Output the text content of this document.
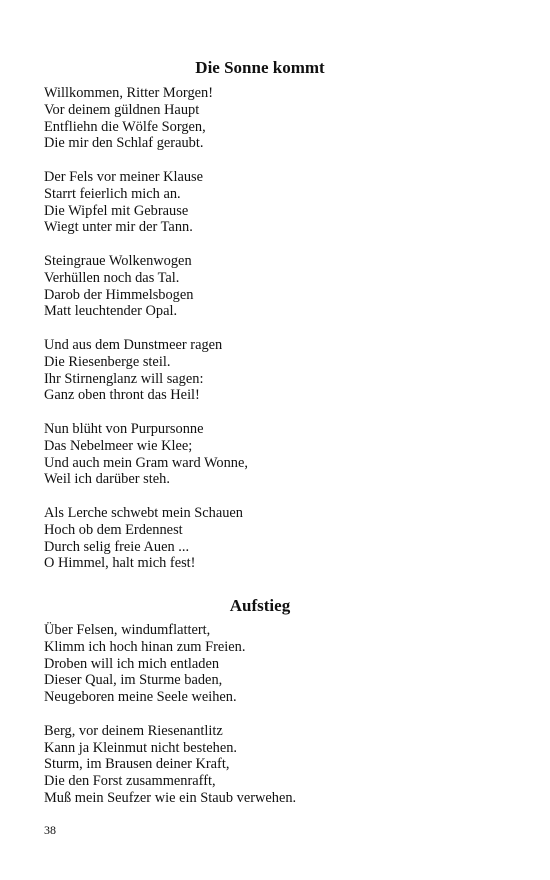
Die Sonne kommt
Willkommen, Ritter Morgen!
Vor deinem güldnen Haupt
Entfliehn die Wölfe Sorgen,
Die mir den Schlaf geraubt.
Der Fels vor meiner Klause
Starrt feierlich mich an.
Die Wipfel mit Gebrause
Wiegt unter mir der Tann.
Steingraue Wolkenwogen
Verhüllen noch das Tal.
Darob der Himmelsbogen
Matt leuchtender Opal.
Und aus dem Dunstmeer ragen
Die Riesenberge steil.
Ihr Stirnenglanz will sagen:
Ganz oben thront das Heil!
Nun blüht von Purpursonne
Das Nebelmeer wie Klee;
Und auch mein Gram ward Wonne,
Weil ich darüber steh.
Als Lerche schwebt mein Schauen
Hoch ob dem Erdennest
Durch selig freie Auen ...
O Himmel, halt mich fest!
Aufstieg
Über Felsen, windumflattert,
Klimm ich hoch hinan zum Freien.
Droben will ich mich entladen
Dieser Qual, im Sturme baden,
Neugeboren meine Seele weihen.
Berg, vor deinem Riesenantlitz
Kann ja Kleinmut nicht bestehen.
Sturm, im Brausen deiner Kraft,
Die den Forst zusammenrafft,
Muß mein Seufzer wie ein Staub verwehen.
38
